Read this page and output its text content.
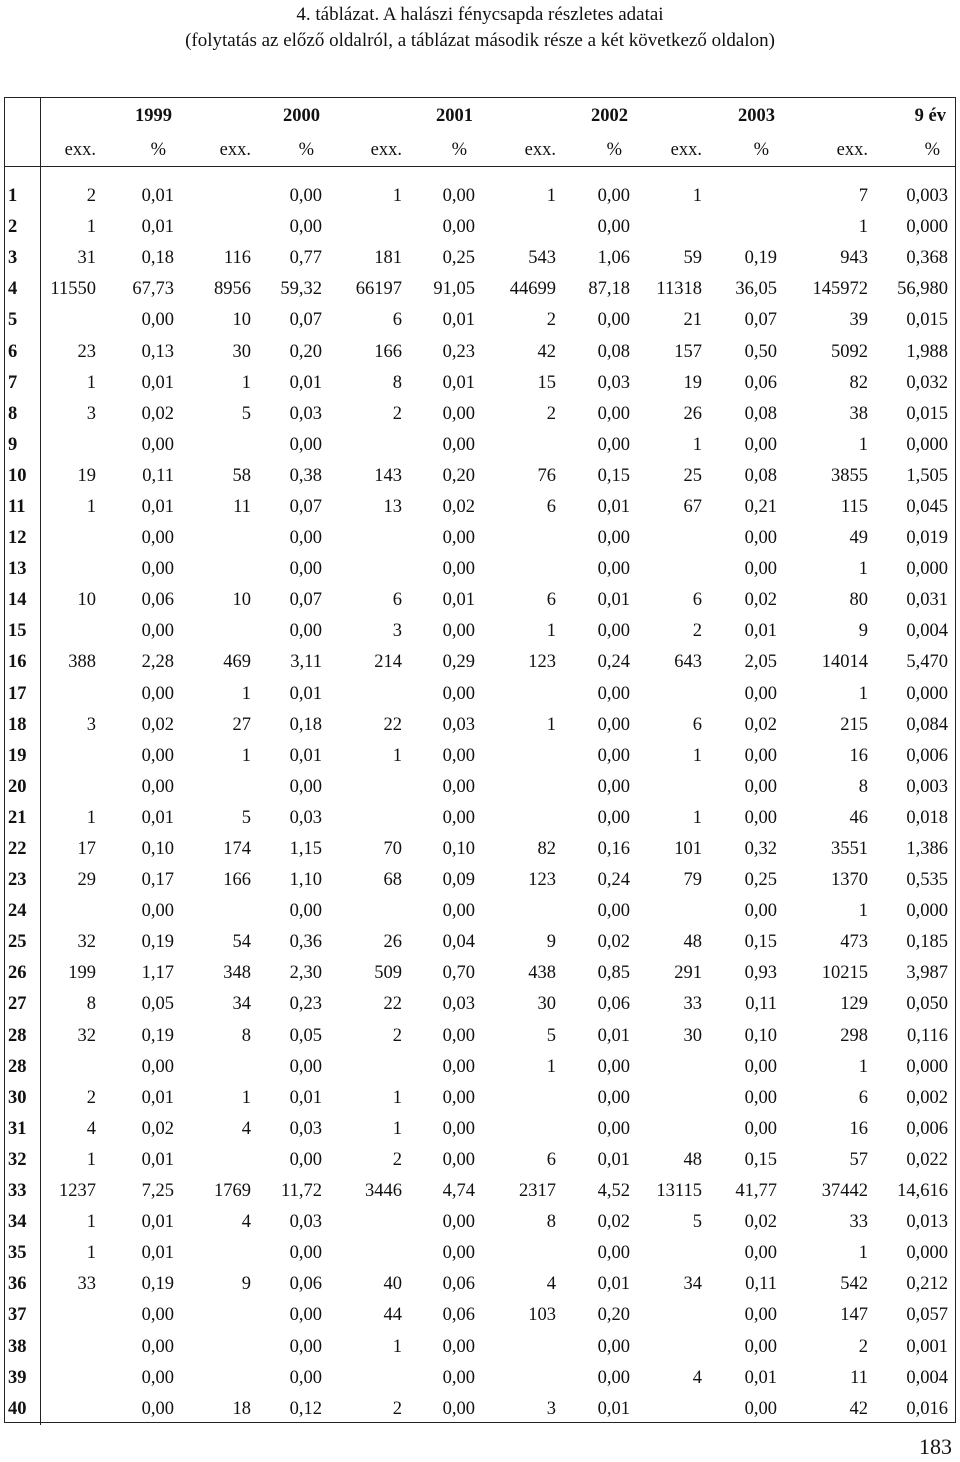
4. táblázat. A halászi fénycsapda részletes adatai
(folytatás az előző oldalról, a táblázat második része a két következő oldalon)
	1999		2000		2001		2002		2003		9 év	
	exx.	%	exx.	%	exx.	%	exx.	%	exx.	%	exx.	%

1	2	0,01		0,00	1	0,00	1	0,00	1		7	0,003
2	1	0,01		0,00		0,00		0,00			1	0,000
3	31	0,18	116	0,77	181	0,25	543	1,06	59	0,19	943	0,368
4	11550	67,73	8956	59,32	66197	91,05	44699	87,18	11318	36,05	145972	56,980
5		0,00	10	0,07	6	0,01	2	0,00	21	0,07	39	0,015
6	23	0,13	30	0,20	166	0,23	42	0,08	157	0,50	5092	1,988
7	1	0,01	1	0,01	8	0,01	15	0,03	19	0,06	82	0,032
8	3	0,02	5	0,03	2	0,00	2	0,00	26	0,08	38	0,015
9		0,00		0,00		0,00		0,00	1	0,00	1	0,000
10	19	0,11	58	0,38	143	0,20	76	0,15	25	0,08	3855	1,505
11	1	0,01	11	0,07	13	0,02	6	0,01	67	0,21	115	0,045
12		0,00		0,00		0,00		0,00		0,00	49	0,019
13		0,00		0,00		0,00		0,00		0,00	1	0,000
14	10	0,06	10	0,07	6	0,01	6	0,01	6	0,02	80	0,031
15		0,00		0,00	3	0,00	1	0,00	2	0,01	9	0,004
16	388	2,28	469	3,11	214	0,29	123	0,24	643	2,05	14014	5,470
17		0,00	1	0,01		0,00		0,00		0,00	1	0,000
18	3	0,02	27	0,18	22	0,03	1	0,00	6	0,02	215	0,084
19		0,00	1	0,01	1	0,00		0,00	1	0,00	16	0,006
20		0,00		0,00		0,00		0,00		0,00	8	0,003
21	1	0,01	5	0,03		0,00		0,00	1	0,00	46	0,018
22	17	0,10	174	1,15	70	0,10	82	0,16	101	0,32	3551	1,386
23	29	0,17	166	1,10	68	0,09	123	0,24	79	0,25	1370	0,535
24		0,00		0,00		0,00		0,00		0,00	1	0,000
25	32	0,19	54	0,36	26	0,04	9	0,02	48	0,15	473	0,185
26	199	1,17	348	2,30	509	0,70	438	0,85	291	0,93	10215	3,987
27	8	0,05	34	0,23	22	0,03	30	0,06	33	0,11	129	0,050
28	32	0,19	8	0,05	2	0,00	5	0,01	30	0,10	298	0,116
28		0,00		0,00		0,00	1	0,00		0,00	1	0,000
30	2	0,01	1	0,01	1	0,00		0,00		0,00	6	0,002
31	4	0,02	4	0,03	1	0,00		0,00		0,00	16	0,006
32	1	0,01		0,00	2	0,00	6	0,01	48	0,15	57	0,022
33	1237	7,25	1769	11,72	3446	4,74	2317	4,52	13115	41,77	37442	14,616
34	1	0,01	4	0,03		0,00	8	0,02	5	0,02	33	0,013
35	1	0,01		0,00		0,00		0,00		0,00	1	0,000
36	33	0,19	9	0,06	40	0,06	4	0,01	34	0,11	542	0,212
37		0,00		0,00	44	0,06	103	0,20		0,00	147	0,057
38		0,00		0,00	1	0,00		0,00		0,00	2	0,001
39		0,00		0,00		0,00		0,00	4	0,01	11	0,004
40		0,00	18	0,12	2	0,00	3	0,01		0,00	42	0,016
183
